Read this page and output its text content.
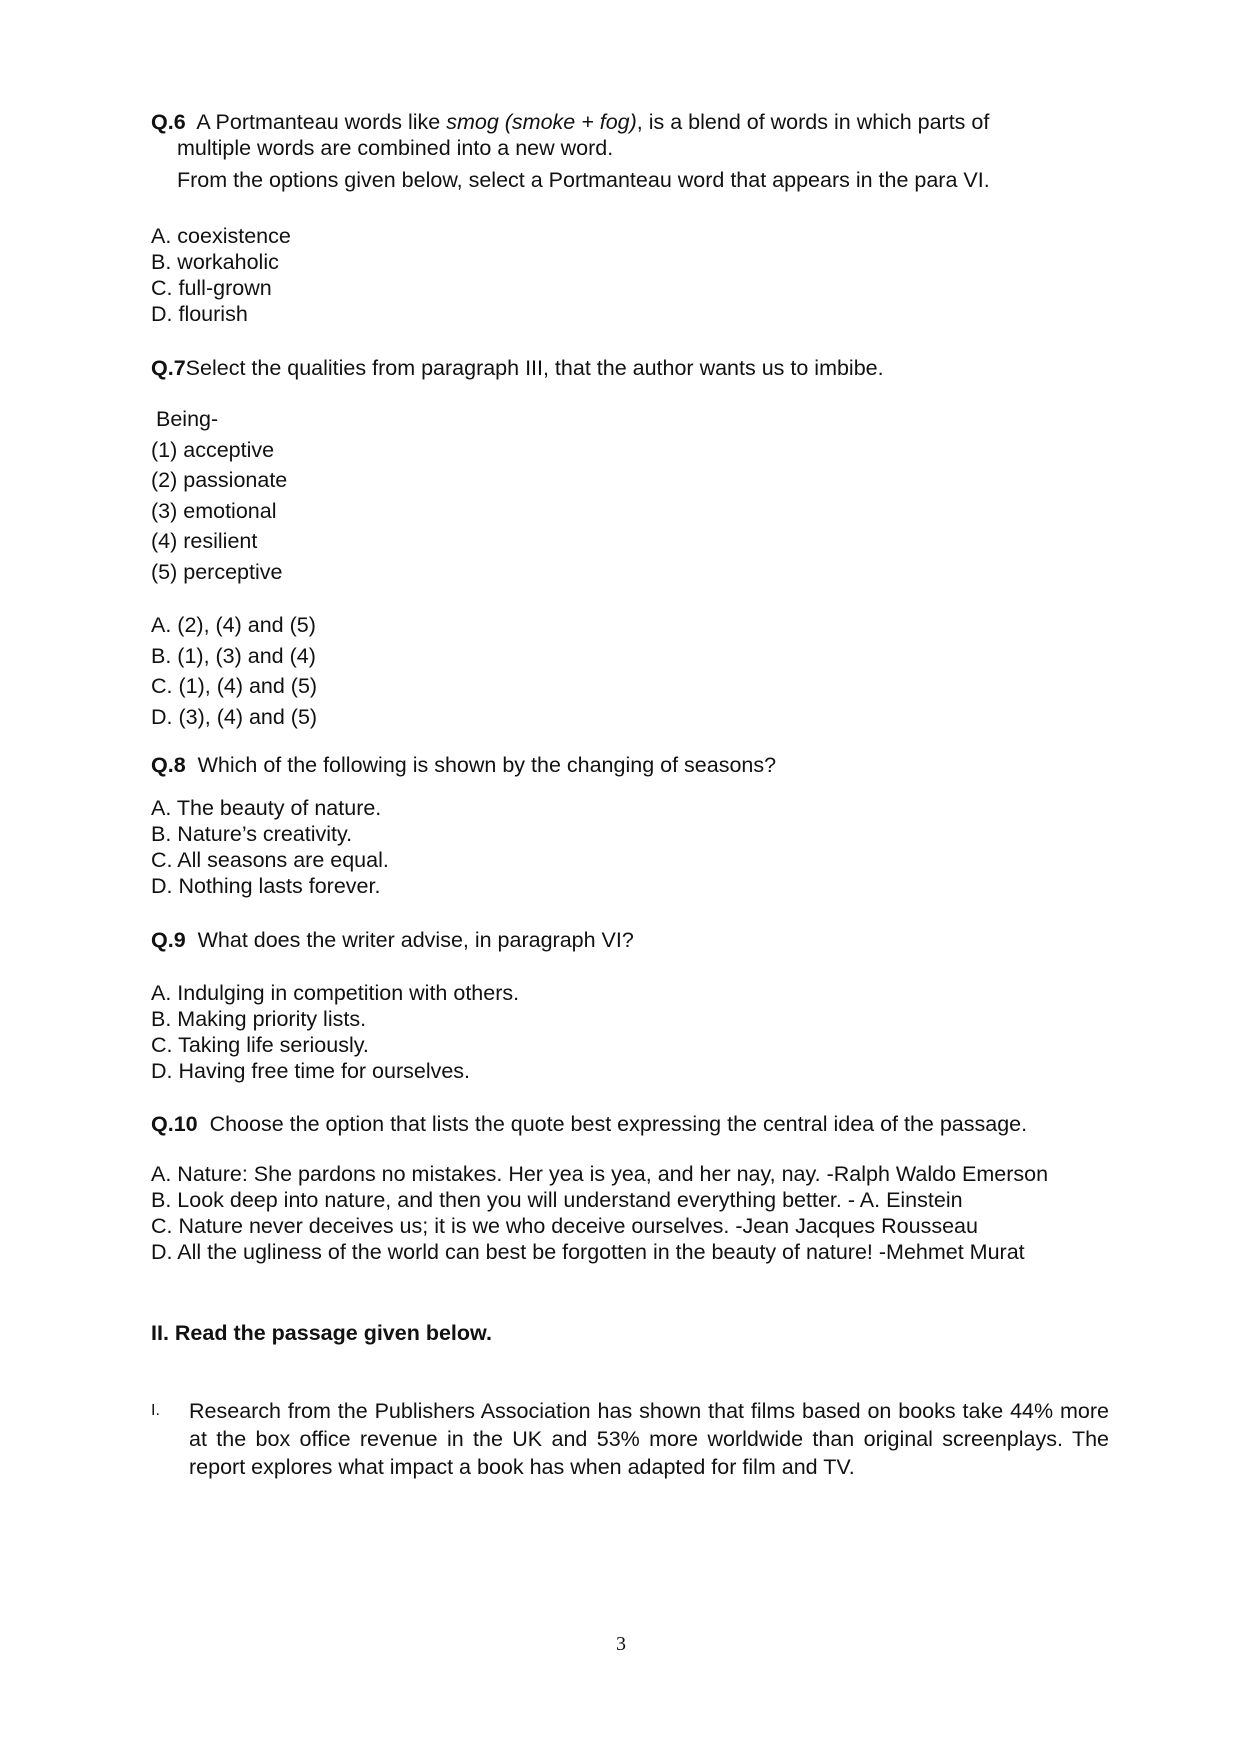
Q.6 A Portmanteau words like smog (smoke + fog), is a blend of words in which parts of
multiple words are combined into a new word.
From the options given below, select a Portmanteau word that appears in the para VI.
A. coexistence
B. workaholic
C. full-grown
D. flourish
Q.7Select the qualities from paragraph III, that the author wants us to imbibe.
Being-
(1) acceptive
(2) passionate
(3) emotional
(4) resilient
(5) perceptive
A. (2), (4) and (5)
B. (1), (3) and (4)
C. (1), (4) and (5)
D. (3), (4) and (5)
Q.8 Which of the following is shown by the changing of seasons?
A. The beauty of nature.
B. Nature’s creativity.
C. All seasons are equal.
D. Nothing lasts forever.
Q.9 What does the writer advise, in paragraph VI?
A. Indulging in competition with others.
B. Making priority lists.
C. Taking life seriously.
D. Having free time for ourselves.
Q.10 Choose the option that lists the quote best expressing the central idea of the passage.
A. Nature: She pardons no mistakes. Her yea is yea, and her nay, nay. -Ralph Waldo Emerson
B. Look deep into nature, and then you will understand everything better. - A. Einstein
C. Nature never deceives us; it is we who deceive ourselves. -Jean Jacques Rousseau
D. All the ugliness of the world can best be forgotten in the beauty of nature! -Mehmet Murat
II. Read the passage given below.
I. Research from the Publishers Association has shown that films based on books take 44% more at the box office revenue in the UK and 53% more worldwide than original screenplays. The report explores what impact a book has when adapted for film and TV.
3
